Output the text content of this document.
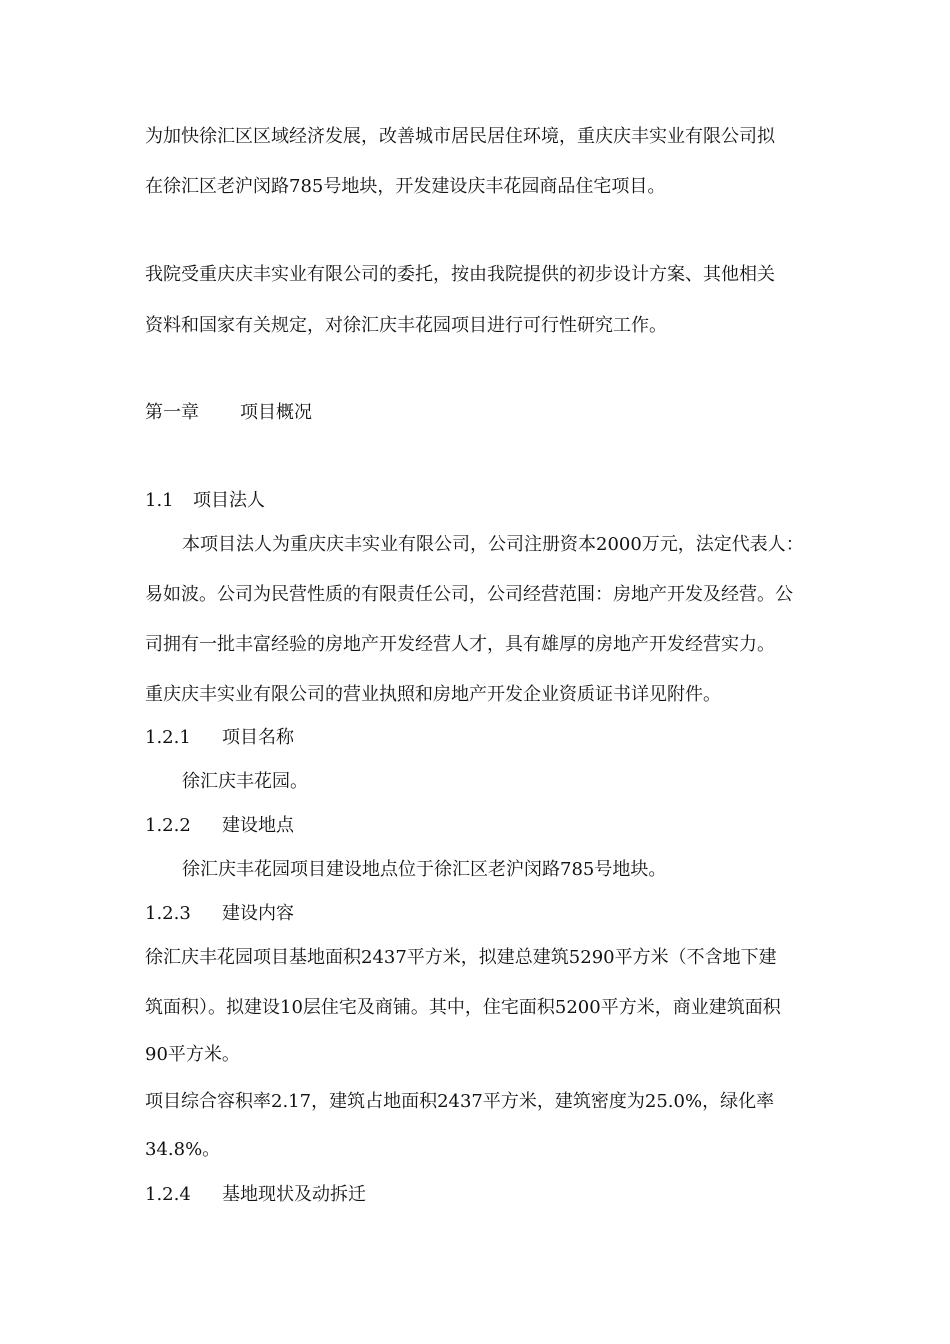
为加快徐汇区区域经济发展，改善城市居民居住环境，重庆庆丰实业有限公司拟

在徐汇区老沪闵路785号地块，开发建设庆丰花园商品住宅项目。

我院受重庆庆丰实业有限公司的委托，按由我院提供的初步设计方案、其他相关

资料和国家有关规定，对徐汇庆丰花园项目进行可行性研究工作。

第一章 项目概况

1.1 项目法人

本项目法人为重庆庆丰实业有限公司，公司注册资本2000万元，法定代表人：

易如波。公司为民营性质的有限责任公司，公司经营范围：房地产开发及经营。公

司拥有一批丰富经验的房地产开发经营人才，具有雄厚的房地产开发经营实力。

重庆庆丰实业有限公司的营业执照和房地产开发企业资质证书详见附件。

1.2.1 项目名称

徐汇庆丰花园。

1.2.2 建设地点

徐汇庆丰花园项目建设地点位于徐汇区老沪闵路785号地块。

1.2.3 建设内容

徐汇庆丰花园项目基地面积2437平方米，拟建总建筑5290平方米（不含地下建

筑面积）。拟建设10层住宅及商铺。其中，住宅面积5200平方米，商业建筑面积

90平方米。

项目综合容积率2.17，建筑占地面积2437平方米，建筑密度为25.0%，绿化率

34.8%。

1.2.4 基地现状及动拆迁
